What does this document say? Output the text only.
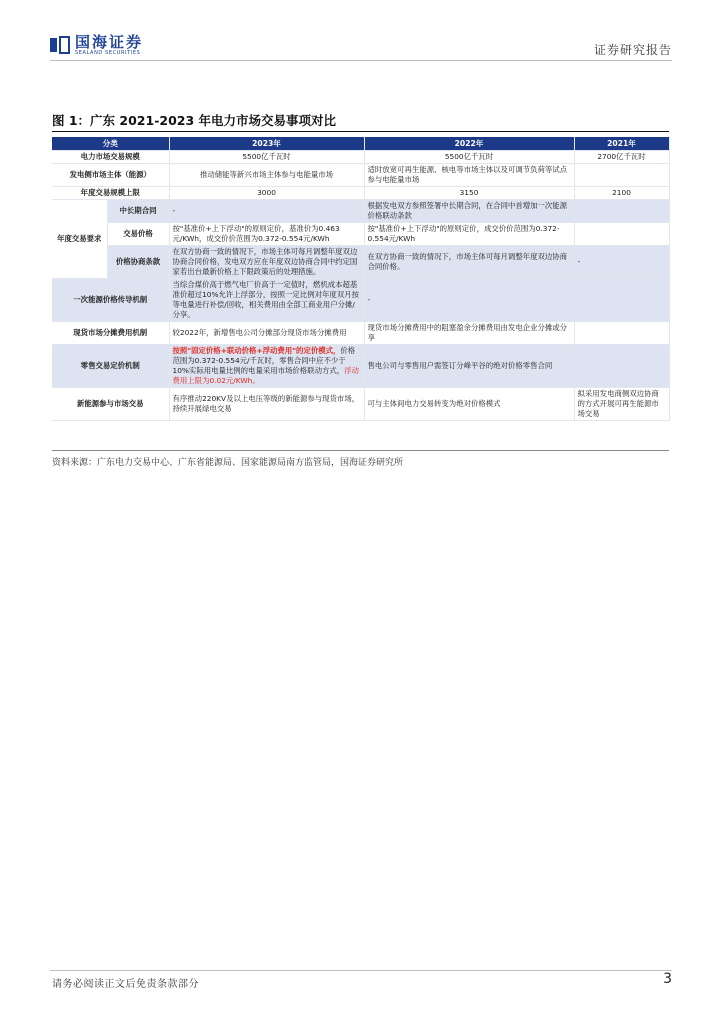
国海证券
SEALAND SECURITIES	证券研究报告
图 1：广东 2021-2023 年电力市场交易事项对比
分类		2023年	2022年	2021年
电力市场交易规模		5500亿千瓦时	5500亿千瓦时	2700亿千瓦时
发电侧市场主体（能源）		推动储能等新兴市场主体参与电能量市场	适时放宽可再生能源、核电等市场主体以及可调节负荷等试点参与电能量市场	
年度交易规模上限		3000	3150	2100
年度交易要求	中长期合同	-	根据发电双方参照签署中长期合同，在合同中首增加一次能源价格联动条款	
	交易价格	按"基准价+上下浮动"的原则定价，基准价为0.463元/KWh，成交价价范围为0.372-0.554元/KWh	按"基准价+上下浮动"的原则定价，成交价价范围为0.372-0.554元/KWh	
	价格协商条款	在双方协商一致的情况下，市场主体可每月调整年度双边协商合同价格，发电双方应在年度双边协商合同中约定国家若出台最新价格上下限政策后的处理措施。	在双方协商一致的情况下，市场主体可每月调整年度双边协商合同价格。	-
一次能源价格传导机制		当综合煤价高于燃气电厂价高于一定值时，燃机成本超基准价超过10%允许上浮部分，按照一定比例对年度双月按等电量进行补偿/回收，相关费用由全部工商业用户分摊/分享。	-	
现货市场分摊费用机制		较2022年，新增售电公司分摊部分现货市场分摊费用	现货市场分摊费用中的阻塞盈余分摊费用由发电企业分摊或分享	
零售交易定价机制		按照"固定价格+联动价格+浮动费用"的定价模式，价格范围为0.372-0.554元/千瓦时，零售合同中应不少于10%实际用电量比例的电量采用市场价格联动方式，浮动费用上限为0.02元/KWh。	售电公司与零售用户需签订分峰平谷的绝对价格零售合同	
新能源参与市场交易		有序推动220KV及以上电压等级的新能源参与现货市场，持续开展绿电交易	可与主体间电力交易转变为绝对价格模式	拟采用发电商侧双边协商的方式开展可再生能源市场交易
资料来源：广东电力交易中心、广东省能源局、国家能源局南方监管局，国海证券研究所
请务必阅读正文后免责条款部分	3
